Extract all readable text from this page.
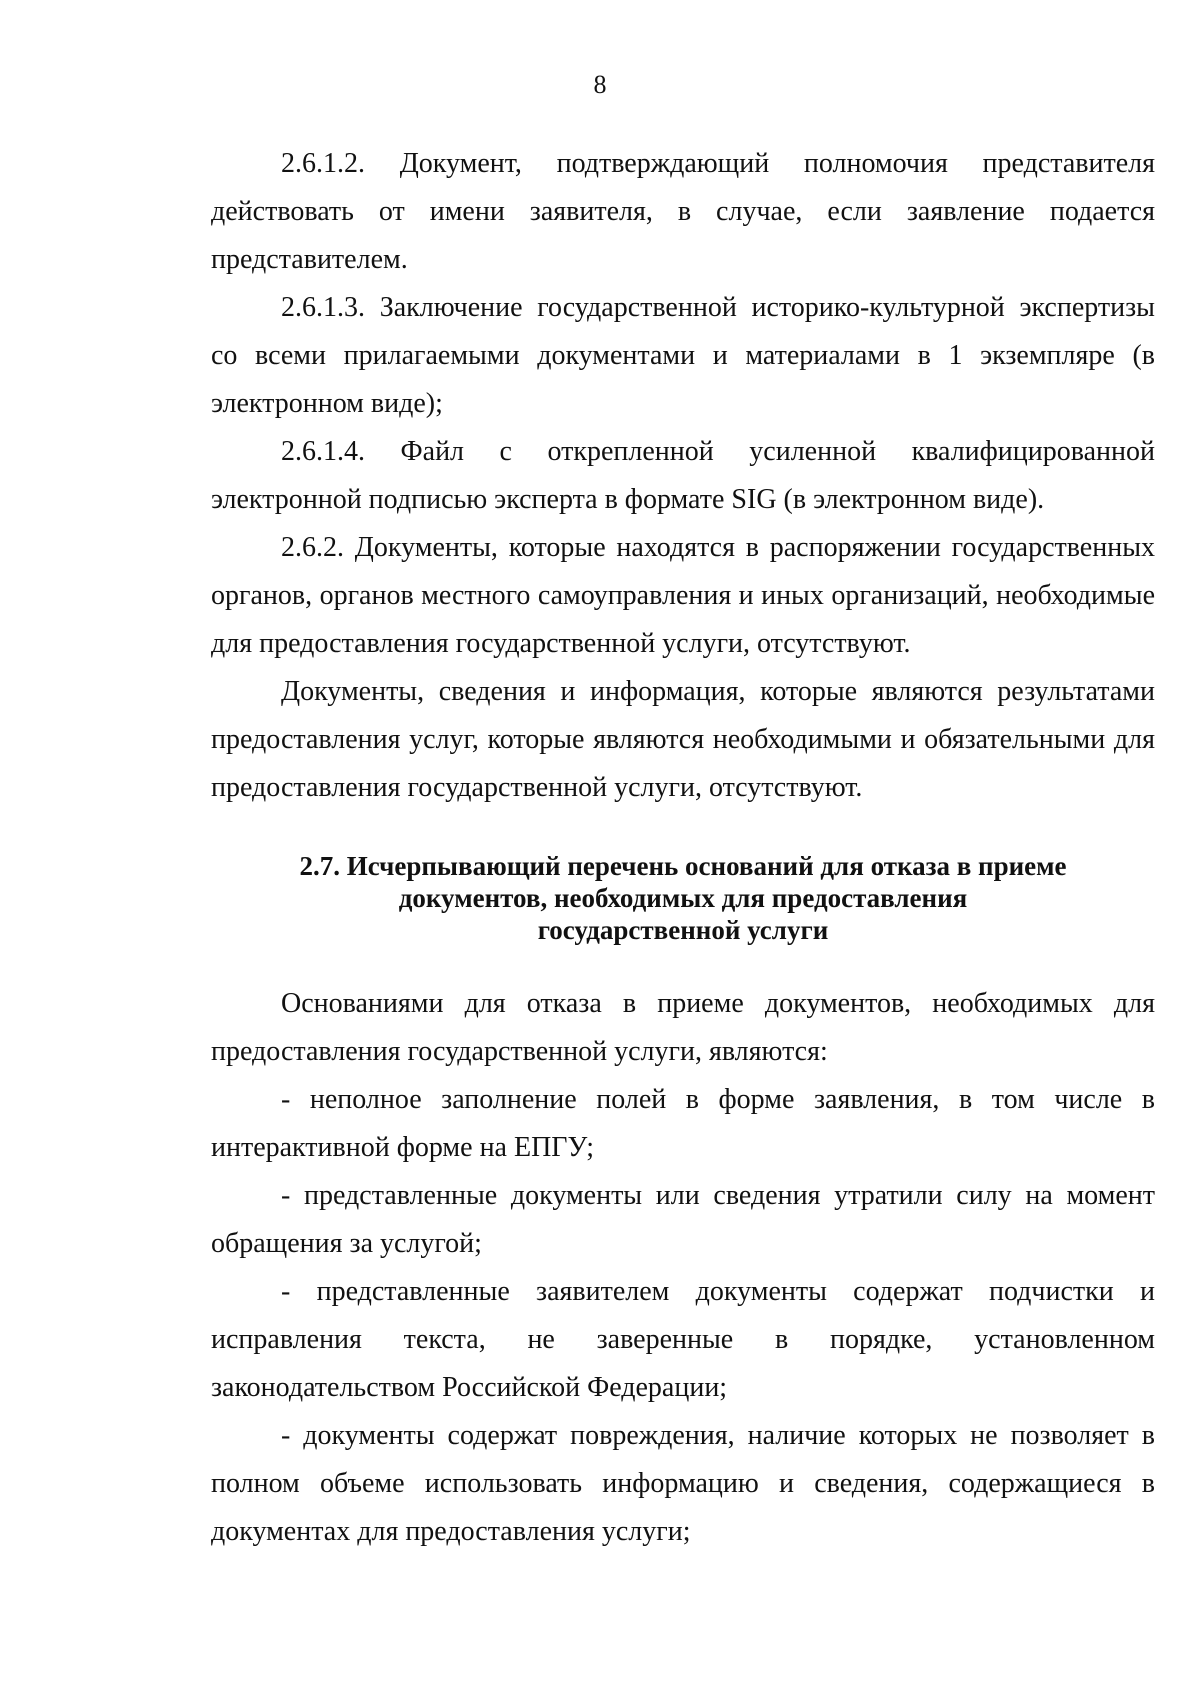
8

2.6.1.2. Документ, подтверждающий полномочия представителя действовать от имени заявителя, в случае, если заявление подается представителем.

2.6.1.3. Заключение государственной историко-культурной экспертизы со всеми прилагаемыми документами и материалами в 1 экземпляре (в электронном виде);

2.6.1.4. Файл с открепленной усиленной квалифицированной электронной подписью эксперта в формате SIG (в электронном виде).

2.6.2. Документы, которые находятся в распоряжении государственных органов, органов местного самоуправления и иных организаций, необходимые для предоставления государственной услуги, отсутствуют.

Документы, сведения и информация, которые являются результатами предоставления услуг, которые являются необходимыми и обязательными для предоставления государственной услуги, отсутствуют.

2.7. Исчерпывающий перечень оснований для отказа в приеме
документов, необходимых для предоставления
государственной услуги

Основаниями для отказа в приеме документов, необходимых для предоставления государственной услуги, являются:

- неполное заполнение полей в форме заявления, в том числе в интерактивной форме на ЕПГУ;

- представленные документы или сведения утратили силу на момент обращения за услугой;

- представленные заявителем документы содержат подчистки и исправления текста, не заверенные в порядке, установленном законодательством Российской Федерации;

- документы содержат повреждения, наличие которых не позволяет в полном объеме использовать информацию и сведения, содержащиеся в документах для предоставления услуги;
